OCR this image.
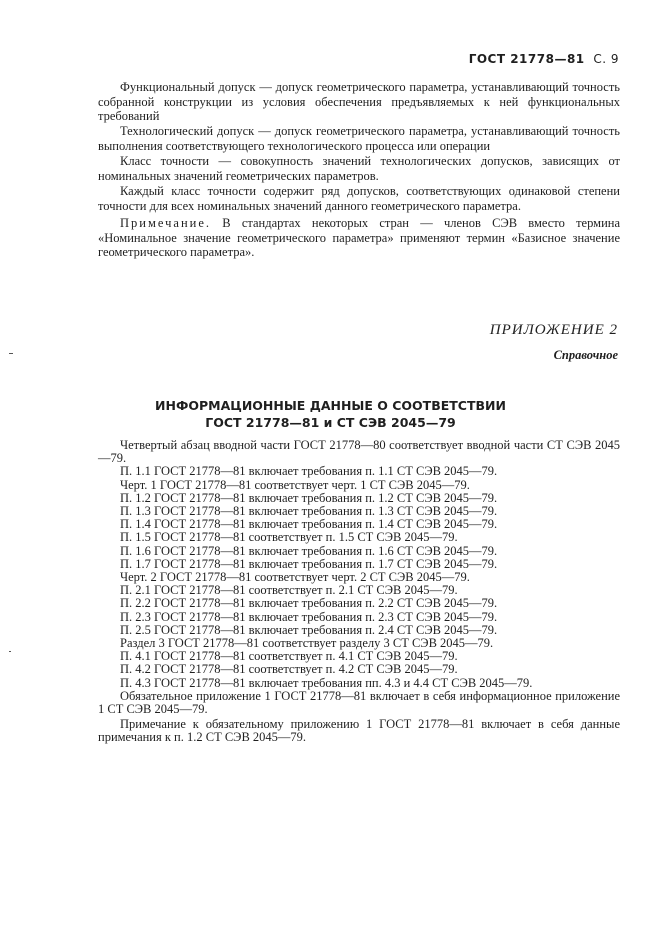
ГОСТ 21778—81 С. 9

Функциональный допуск — допуск геометрического параметра, устанавливающий точность собранной конструкции из условия обеспечения предъявляемых к ней функциональных требований

Технологический допуск — допуск геометрического параметра, устанавливающий точность выполнения соответствующего технологического процесса или операции

Класс точности — совокупность значений технологических допусков, зависящих от номинальных значений геометрических параметров.

Каждый класс точности содержит ряд допусков, соответствующих одинаковой степени точности для всех номинальных значений данного геометрического параметра.

Примечание. В стандартах некоторых стран — членов СЭВ вместо термина «Номинальное значение геометрического параметра» применяют термин «Базисное значение геометрического параметра».

ПРИЛОЖЕНИЕ 2
Справочное
ИНФОРМАЦИОННЫЕ ДАННЫЕ О СООТВЕТСТВИИ
ГОСТ 21778—81 и СТ СЭВ 2045—79

Четвертый абзац вводной части ГОСТ 21778—80 соответствует вводной части СТ СЭВ 2045—79.

П. 1.1 ГОСТ 21778—81 включает требования п. 1.1 СТ СЭВ 2045—79.

Черт. 1 ГОСТ 21778—81 соответствует черт. 1 СТ СЭВ 2045—79.

П. 1.2 ГОСТ 21778—81 включает требования п. 1.2 СТ СЭВ 2045—79.

П. 1.3 ГОСТ 21778—81 включает требования п. 1.3 СТ СЭВ 2045—79.

П. 1.4 ГОСТ 21778—81 включает требования п. 1.4 СТ СЭВ 2045—79.

П. 1.5 ГОСТ 21778—81 соответствует п. 1.5 СТ СЭВ 2045—79.

П. 1.6 ГОСТ 21778—81 включает требования п. 1.6 СТ СЭВ 2045—79.

П. 1.7 ГОСТ 21778—81 включает требования п. 1.7 СТ СЭВ 2045—79.

Черт. 2 ГОСТ 21778—81 соответствует черт. 2 СТ СЭВ 2045—79.

П. 2.1 ГОСТ 21778—81 соответствует п. 2.1 СТ СЭВ 2045—79.

П. 2.2 ГОСТ 21778—81 включает требования п. 2.2 СТ СЭВ 2045—79.

П. 2.3 ГОСТ 21778—81 включает требования п. 2.3 СТ СЭВ 2045—79.

П. 2.5 ГОСТ 21778—81 включает требования п. 2.4 СТ СЭВ 2045—79.

Раздел 3 ГОСТ 21778—81 соответствует разделу 3 СТ СЭВ 2045—79.

П. 4.1 ГОСТ 21778—81 соответствует п. 4.1 СТ СЭВ 2045—79.

П. 4.2 ГОСТ 21778—81 соответствует п. 4.2 СТ СЭВ 2045—79.

П. 4.3 ГОСТ 21778—81 включает требования пп. 4.3 и 4.4 СТ СЭВ 2045—79.

Обязательное приложение 1 ГОСТ 21778—81 включает в себя информационное приложение 1 СТ СЭВ 2045—79.

Примечание к обязательному приложению 1 ГОСТ 21778—81 включает в себя данные примечания к п. 1.2 СТ СЭВ 2045—79.
